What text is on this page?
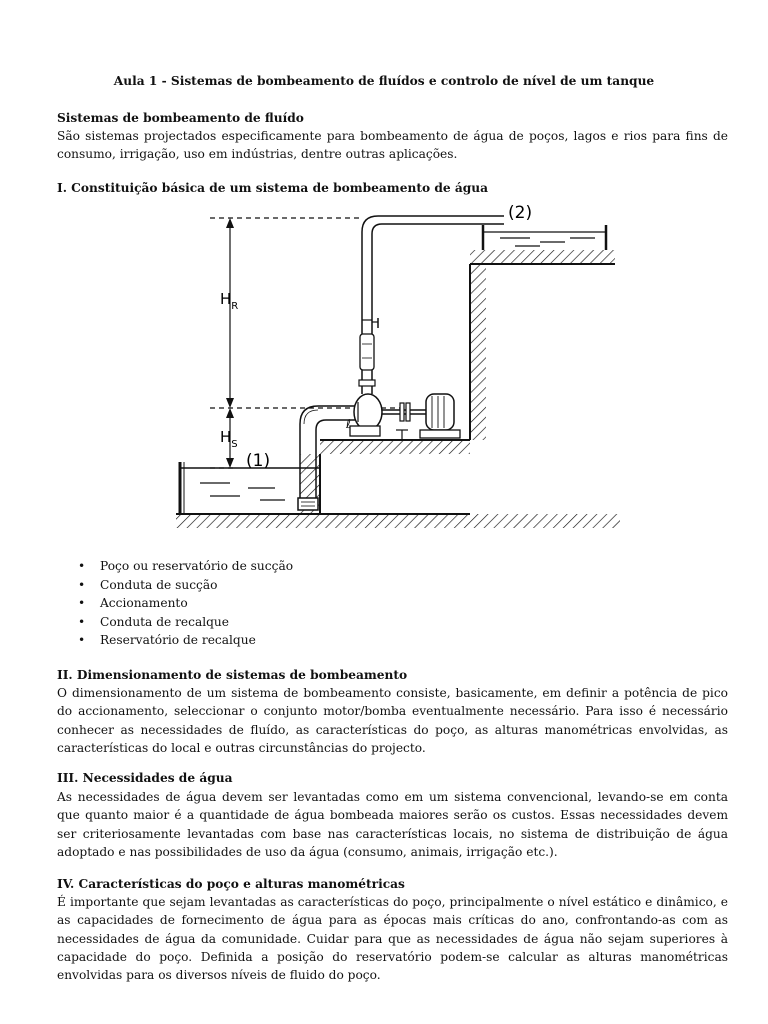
Aula 1 - Sistemas de bombeamento de fluídos e controlo de nível de um tanque
Sistemas de bombeamento de fluído

São sistemas projectados especificamente para bombeamento de água de poços, lagos e rios para fins de consumo, irrigação, uso em indústrias, dentre outras aplicações.

I. Constituição básica de um sistema de bombeamento de água
$H_R$
$H_S$
(1)
(2)
ℓ
• Poço ou reservatório de sucção
• Conduta de sucção
• Accionamento
• Conduta de recalque
• Reservatório de recalque
II. Dimensionamento de sistemas de bombeamento

O dimensionamento de um sistema de bombeamento consiste, basicamente, em definir a potência de pico do accionamento, seleccionar o conjunto motor/bomba eventualmente necessário. Para isso é necessário conhecer as necessidades de fluído, as características do poço, as alturas manométricas envolvidas, as características do local e outras circunstâncias do projecto.

III. Necessidades de água

As necessidades de água devem ser levantadas como em um sistema convencional, levando-se em conta que quanto maior é a quantidade de água bombeada maiores serão os custos. Essas necessidades devem ser criteriosamente levantadas com base nas características locais, no sistema de distribuição de água adoptado e nas possibilidades de uso da água (consumo, animais, irrigação etc.).

IV. Características do poço e alturas manométricas

É importante que sejam levantadas as características do poço, principalmente o nível estático e dinâmico, e as capacidades de fornecimento de água para as épocas mais críticas do ano, confrontando-as com as necessidades de água da comunidade. Cuidar para que as necessidades de água não sejam superiores à capacidade do poço. Definida a posição do reservatório podem-se calcular as alturas manométricas envolvidas para os diversos níveis de fluido do poço.
